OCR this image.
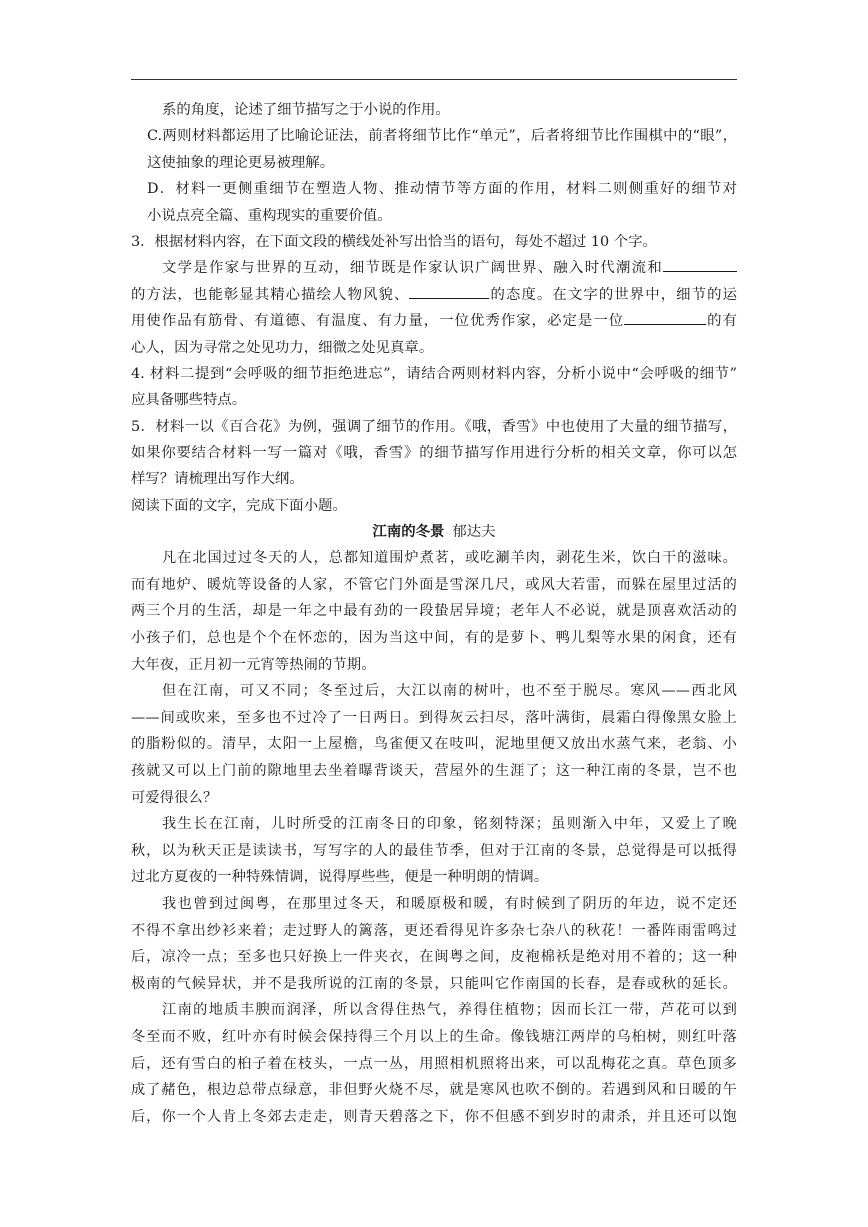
系的角度，论述了细节描写之于小说的作用。
C.两则材料都运用了比喻论证法，前者将细节比作“单元”，后者将细节比作围棋中的“眼”，
这使抽象的理论更易被理解。
D．材料一更侧重细节在塑造人物、推动情节等方面的作用，材料二则侧重好的细节对
小说点亮全篇、重构现实的重要价值。
3．根据材料内容，在下面文段的横线处补写出恰当的语句，每处不超过 10 个字。
文学是作家与世界的互动，细节既是作家认识广阔世界、融入时代潮流和
的方法，也能彰显其精心描绘人物风貌、	的态度。在文字的世界中，细节的运
用使作品有筋骨、有道德、有温度、有力量，一位优秀作家，必定是一位	的有
心人，因为寻常之处见功力，细微之处见真章。
4. 材料二提到“会呼吸的细节拒绝进忘”，请结合两则材料内容，分析小说中“会呼吸的细节”
应具备哪些特点。
5．材料一以《百合花》为例，强调了细节的作用。《哦，香雪》中也使用了大量的细节描写，
如果你要结合材料一写一篇对《哦，香雪》的细节描写作用进行分析的相关文章，你可以怎
样写？请梳理出写作大纲。
阅读下面的文字，完成下面小题。
江南的冬景 郁达夫
凡在北国过过冬天的人，总都知道围炉煮茗，或吃涮羊肉，剥花生米，饮白干的滋味。
而有地炉、暖炕等设备的人家，不管它门外面是雪深几尺，或风大若雷，而躲在屋里过活的
两三个月的生活，却是一年之中最有劲的一段蛰居异境；老年人不必说，就是顶喜欢活动的
小孩子们，总也是个个在怀恋的，因为当这中间，有的是萝卜、鸭儿梨等水果的闲食，还有
大年夜，正月初一元宵等热闹的节期。
但在江南，可又不同；冬至过后，大江以南的树叶，也不至于脱尽。寒风——西北风
——间或吹来，至多也不过冷了一日两日。到得灰云扫尽，落叶满街，晨霜白得像黑女脸上
的脂粉似的。清早，太阳一上屋檐，鸟雀便又在吱叫，泥地里便又放出水蒸气来，老翁、小
孩就又可以上门前的隙地里去坐着曝背谈天，营屋外的生涯了；这一种江南的冬景，岂不也
可爱得很么？
我生长在江南，儿时所受的江南冬日的印象，铭刻特深；虽则渐入中年，又爱上了晚
秋，以为秋天正是读读书，写写字的人的最佳节季，但对于江南的冬景，总觉得是可以抵得
过北方夏夜的一种特殊情调，说得厚些些，便是一种明朗的情调。
我也曾到过闽粤，在那里过冬天，和暖原极和暖，有时候到了阴历的年边，说不定还
不得不拿出纱衫来着；走过野人的篱落，更还看得见许多杂七杂八的秋花！一番阵雨雷鸣过
后，凉冷一点；至多也只好换上一件夹衣，在闽粤之间，皮袍棉袄是绝对用不着的；这一种
极南的气候异状，并不是我所说的江南的冬景，只能叫它作南国的长春，是春或秋的延长。
江南的地质丰腴而润泽，所以含得住热气，养得住植物；因而长江一带，芦花可以到
冬至而不败，红叶亦有时候会保持得三个月以上的生命。像钱塘江两岸的乌桕树，则红叶落
后，还有雪白的桕子着在枝头，一点一丛，用照相机照将出来，可以乱梅花之真。草色顶多
成了赭色，根边总带点绿意，非但野火烧不尽，就是寒风也吹不倒的。若遇到风和日暖的午
后，你一个人肯上冬郊去走走，则青天碧落之下，你不但感不到岁时的肃杀，并且还可以饱
